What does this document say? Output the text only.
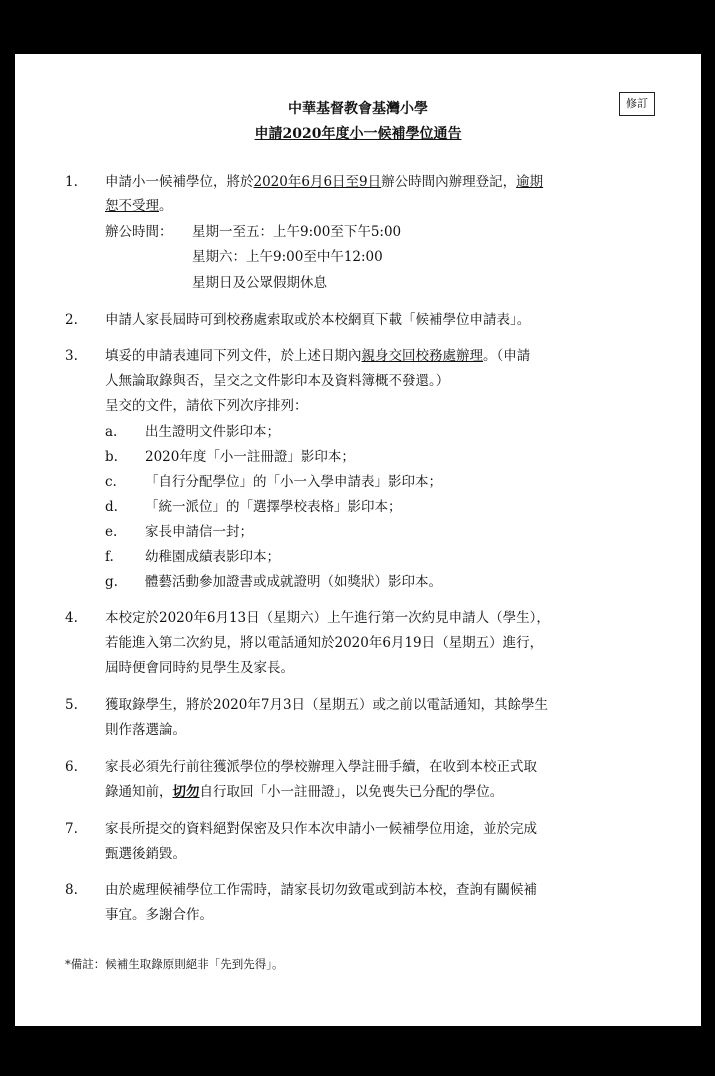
修訂
中華基督教會基灣小學
申請2020年度小一候補學位通告
1. 申請小一候補學位，將於2020年6月6日至9日辦公時間內辦理登記，逾期
恕不受理。
辦公時間： 星期一至五：上午9:00至下午5:00
星期六：上午9:00至中午12:00
星期日及公眾假期休息
2. 申請人家長屆時可到校務處索取或於本校網頁下載「候補學位申請表」。
3. 填妥的申請表連同下列文件，於上述日期內親身交回校務處辦理。（申請
人無論取錄與否，呈交之文件影印本及資料簿概不發還。）
呈交的文件，請依下列次序排列：
a. 出生證明文件影印本；
b. 2020年度「小一註冊證」影印本；
c. 「自行分配學位」的「小一入學申請表」影印本；
d. 「統一派位」的「選擇學校表格」影印本；
e. 家長申請信一封；
f. 幼稚園成績表影印本；
g. 體藝活動參加證書或成就證明（如獎狀）影印本。
4. 本校定於2020年6月13日（星期六）上午進行第一次約見申請人（學生），
若能進入第二次約見，將以電話通知於2020年6月19日（星期五）進行，
屆時便會同時約見學生及家長。
5. 獲取錄學生，將於2020年7月3日（星期五）或之前以電話通知，其餘學生
則作落選論。
6. 家長必須先行前往獲派學位的學校辦理入學註冊手續，在收到本校正式取
錄通知前，切勿自行取回「小一註冊證」，以免喪失已分配的學位。
7. 家長所提交的資料絕對保密及只作本次申請小一候補學位用途，並於完成
甄選後銷毀。
8. 由於處理候補學位工作需時，請家長切勿致電或到訪本校，查詢有關候補
事宜。多謝合作。
*備註：候補生取錄原則絕非「先到先得」。
